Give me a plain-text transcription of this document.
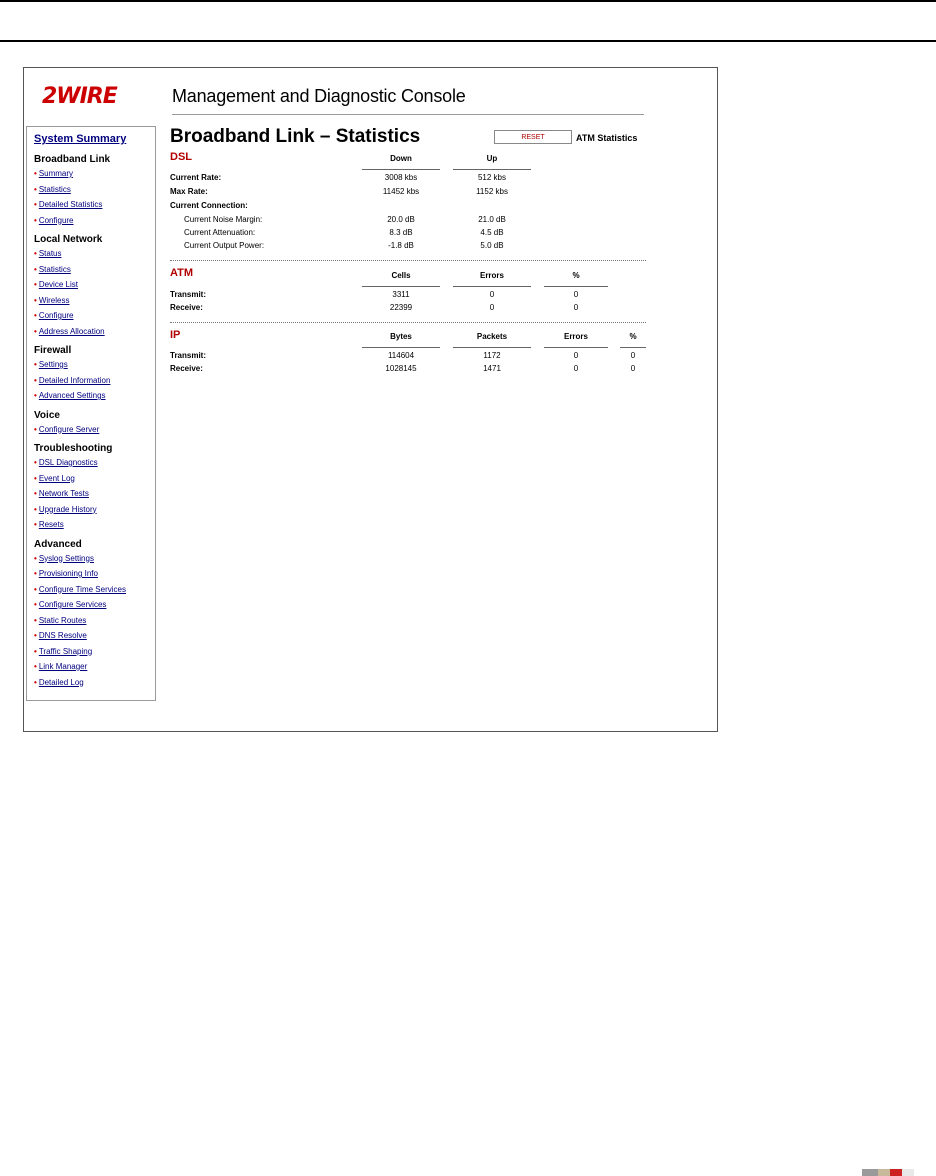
2WIRE	Management and Diagnostic Console
System Summary
Broadband Link
• Summary
• Statistics
• Detailed Statistics
• Configure
Local Network
• Status
• Statistics
• Device List
• Wireless
• Configure
• Address Allocation
Firewall
• Settings
• Detailed Information
• Advanced Settings
Voice
• Configure Server
Troubleshooting
• DSL Diagnostics
• Event Log
• Network Tests
• Upgrade History
• Resets
Advanced
• Syslog Settings
• Provisioning Info
• Configure Time Services
• Configure Services
• Static Routes
• DNS Resolve
• Traffic Shaping
• Link Manager
• Detailed Log
Broadband Link – Statistics	RESET	ATM Statistics
DSL	Down	Up
Current Rate:	3008 kbs	512 kbs
Max Rate:	11452 kbs	1152 kbs
Current Connection:
Current Noise Margin:	20.0 dB	21.0 dB
Current Attenuation:	8.3 dB	4.5 dB
Current Output Power:	-1.8 dB	5.0 dB
ATM	Cells	Errors	%
Transmit:	3311	0	0
Receive:	22399	0	0
IP	Bytes	Packets	Errors	%
Transmit:	114604	1172	0	0
Receive:	1028145	1471	0	0
